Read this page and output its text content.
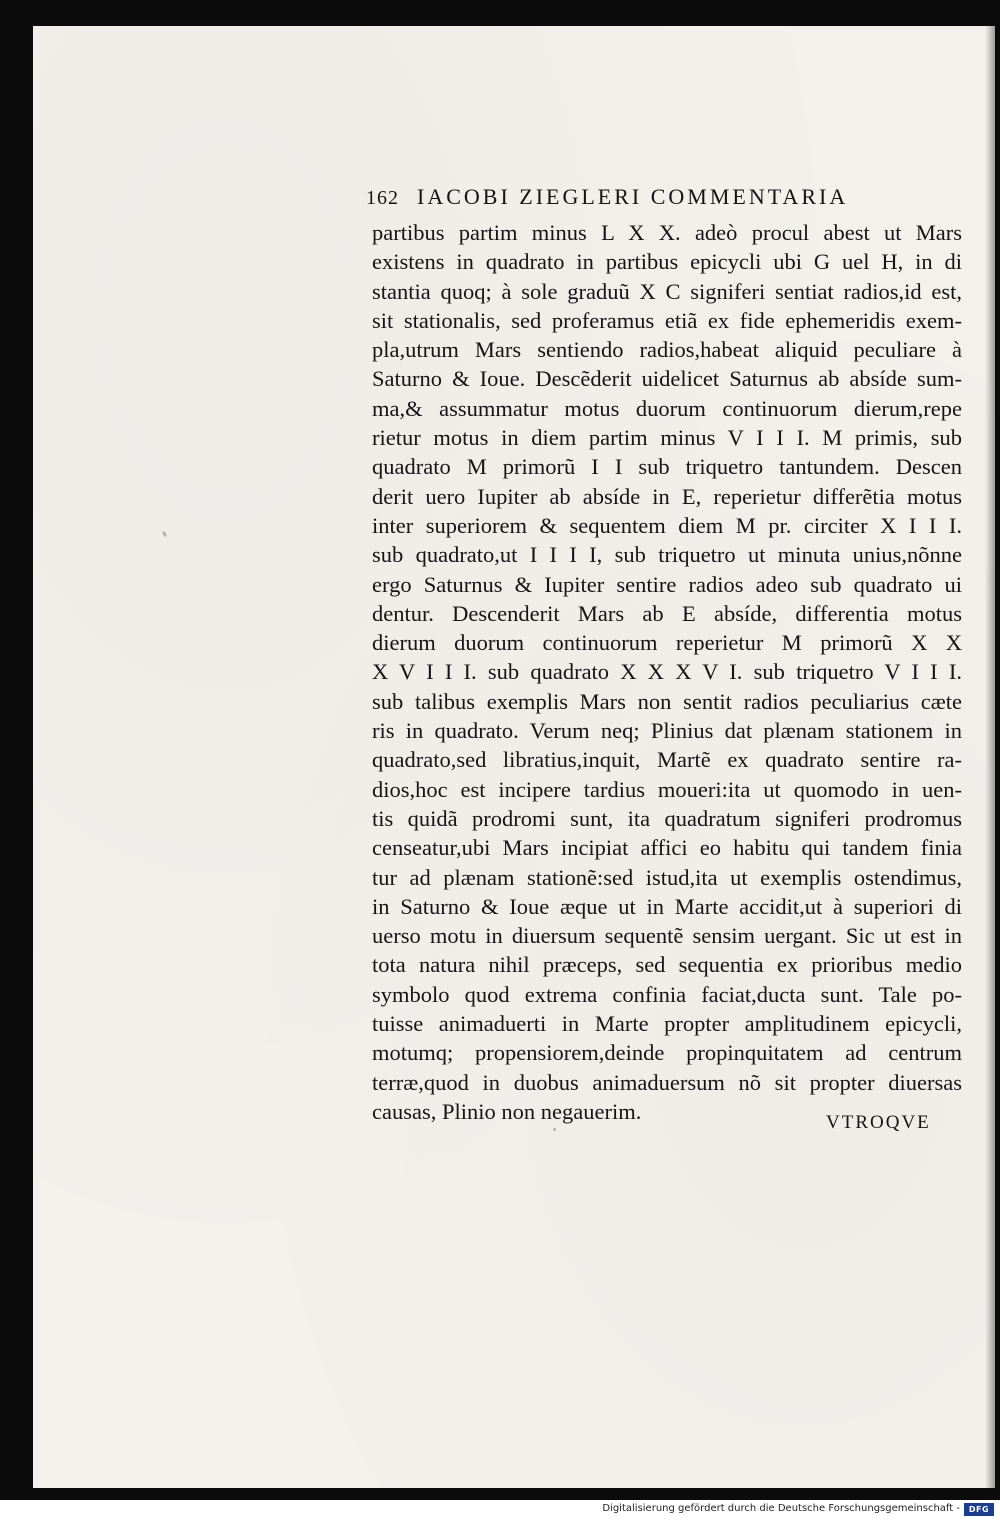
162 IACOBI ZIEGLERI COMMENTARIA
partibus partim minus L X X. adeò procul abest ut Mars
existens in quadrato in partibus epicycli ubi G uel H, in di
stantia quoq; à sole graduũ X C signiferi sentiat radios,id est,
sit stationalis, sed proferamus etiã ex fide ephemeridis exem-
pla,utrum Mars sentiendo radios,habeat aliquid peculiare à
Saturno & Ioue. Descẽderit uidelicet Saturnus ab absíde sum-
ma,& assummatur motus duorum continuorum dierum,repe
rietur motus in diem partim minus V I I I. M primis, sub
quadrato M primorũ I I sub triquetro tantundem. Descen
derit uero Iupiter ab absíde in E, reperietur differẽtia motus
inter superiorem & sequentem diem M pr. circiter X I I I.
sub quadrato,ut I I I I, sub triquetro ut minuta unius,nõnne
ergo Saturnus & Iupiter sentire radios adeo sub quadrato ui
dentur. Descenderit Mars ab E absíde, differentia motus
dierum duorum continuorum reperietur M primorũ X X
X V I I I. sub quadrato X X X V I. sub triquetro V I I I.
sub talibus exemplis Mars non sentit radios peculiarius cæte
ris in quadrato. Verum neq; Plinius dat plænam stationem in
quadrato,sed libratius,inquit, Martẽ ex quadrato sentire ra-
dios,hoc est incipere tardius moueri:ita ut quomodo in uen-
tis quidã prodromi sunt, ita quadratum signiferi prodromus
censeatur,ubi Mars incipiat affici eo habitu qui tandem finia
tur ad plænam stationẽ:sed istud,ita ut exemplis ostendimus,
in Saturno & Ioue æque ut in Marte accidit,ut à superiori di
uerso motu in diuersum sequentẽ sensim uergant. Sic ut est in
tota natura nihil præceps, sed sequentia ex prioribus medio
symbolo quod extrema confinia faciat,ducta sunt. Tale po-
tuisse animaduerti in Marte propter amplitudinem epicycli,
motumq; propensiorem,deinde propinquitatem ad centrum
terræ,quod in duobus animaduersum nõ sit propter diuersas
causas, Plinio non negauerim.	VTROQVE
Digitalisierung gefördert durch die Deutsche Forschungsgemeinschaft -	DFG
